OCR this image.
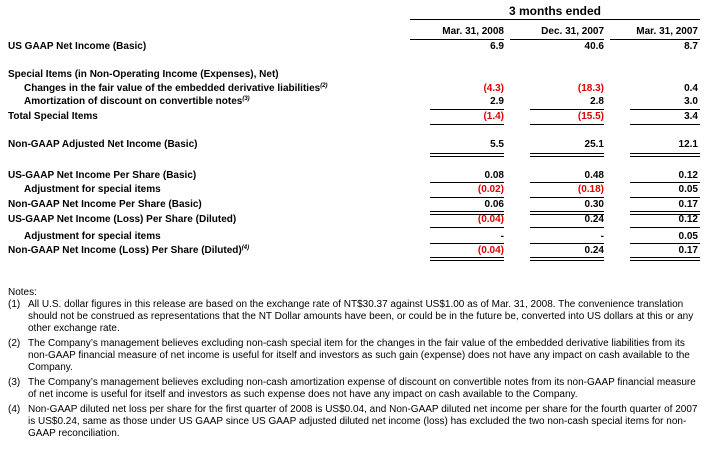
3 months ended
Mar. 31, 2008	Dec. 31, 2007	Mar. 31, 2007
US GAAP Net Income (Basic)	6.9	40.6	8.7
Special Items (in Non-Operating Income (Expenses), Net)
Changes in the fair value of the embedded derivative liabilities$^{(2)}$	(4.3)	(18.3)	0.4
Amortization of discount on convertible notes$^{(3)}$	2.9	2.8	3.0
Total Special Items	(1.4)	(15.5)	3.4
Non-GAAP Adjusted Net Income (Basic)	5.5	25.1	12.1
US-GAAP Net Income Per Share (Basic)	0.08	0.48	0.12
Adjustment for special items	(0.02)	(0.18)	0.05
Non-GAAP Net Income Per Share (Basic)	0.06	0.30	0.17
US-GAAP Net Income (Loss) Per Share (Diluted)	(0.04)	0.24	0.12
Adjustment for special items	-	-	0.05
Non-GAAP Net Income (Loss) Per Share (Diluted)$^{(4)}$	(0.04)	0.24	0.17
Notes:
(1) All U.S. dollar figures in this release are based on the exchange rate of NT$30.37 against US$1.00 as of Mar. 31, 2008. The convenience translation should not be construed as representations that the NT Dollar amounts have been, or could be in the future be, converted into US dollars at this or any other exchange rate.
(2) The Company’s management believes excluding non-cash special item for the changes in the fair value of the embedded derivative liabilities from its non-GAAP financial measure of net income is useful for itself and investors as such gain (expense) does not have any impact on cash available to the Company.
(3) The Company’s management believes excluding non-cash amortization expense of discount on convertible notes from its non-GAAP financial measure of net income is useful for itself and investors as such expense does not have any impact on cash available to the Company.
(4) Non-GAAP diluted net loss per share for the first quarter of 2008 is US$0.04, and Non-GAAP diluted net income per share for the fourth quarter of 2007 is US$0.24, same as those under US GAAP since US GAAP adjusted diluted net income (loss) has excluded the two non-cash special items for non-GAAP reconciliation.
